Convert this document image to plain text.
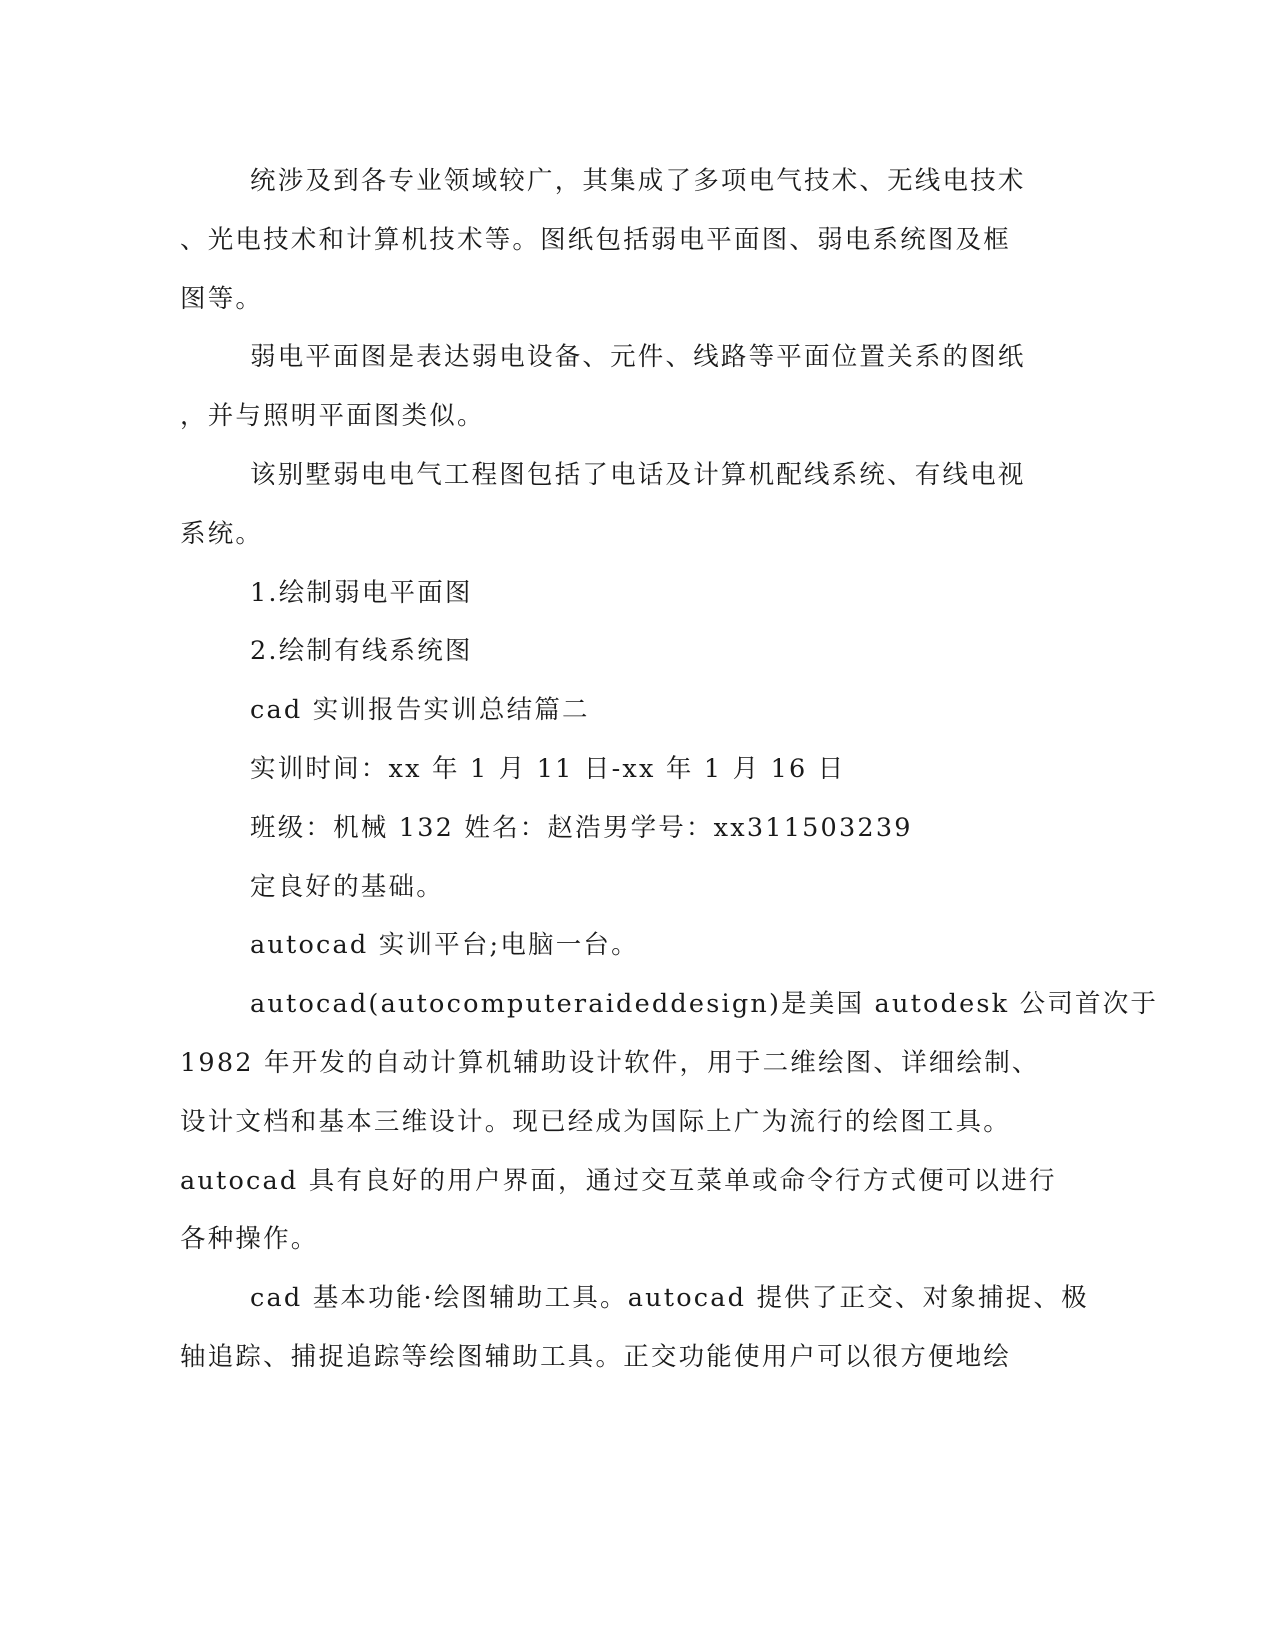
统涉及到各专业领域较广，其集成了多项电气技术、无线电技术
、光电技术和计算机技术等。图纸包括弱电平面图、弱电系统图及框
图等。
弱电平面图是表达弱电设备、元件、线路等平面位置关系的图纸
，并与照明平面图类似。
该别墅弱电电气工程图包括了电话及计算机配线系统、有线电视
系统。
1.绘制弱电平面图
2.绘制有线系统图
cad 实训报告实训总结篇二
实训时间：xx 年 1 月 11 日-xx 年 1 月 16 日
班级：机械 132 姓名：赵浩男学号：xx311503239
定良好的基础。
autocad 实训平台;电脑一台。
autocad(autocomputeraideddesign)是美国 autodesk 公司首次于
1982 年开发的自动计算机辅助设计软件，用于二维绘图、详细绘制、
设计文档和基本三维设计。现已经成为国际上广为流行的绘图工具。
autocad 具有良好的用户界面，通过交互菜单或命令行方式便可以进行
各种操作。
cad 基本功能·绘图辅助工具。autocad 提供了正交、对象捕捉、极
轴追踪、捕捉追踪等绘图辅助工具。正交功能使用户可以很方便地绘
